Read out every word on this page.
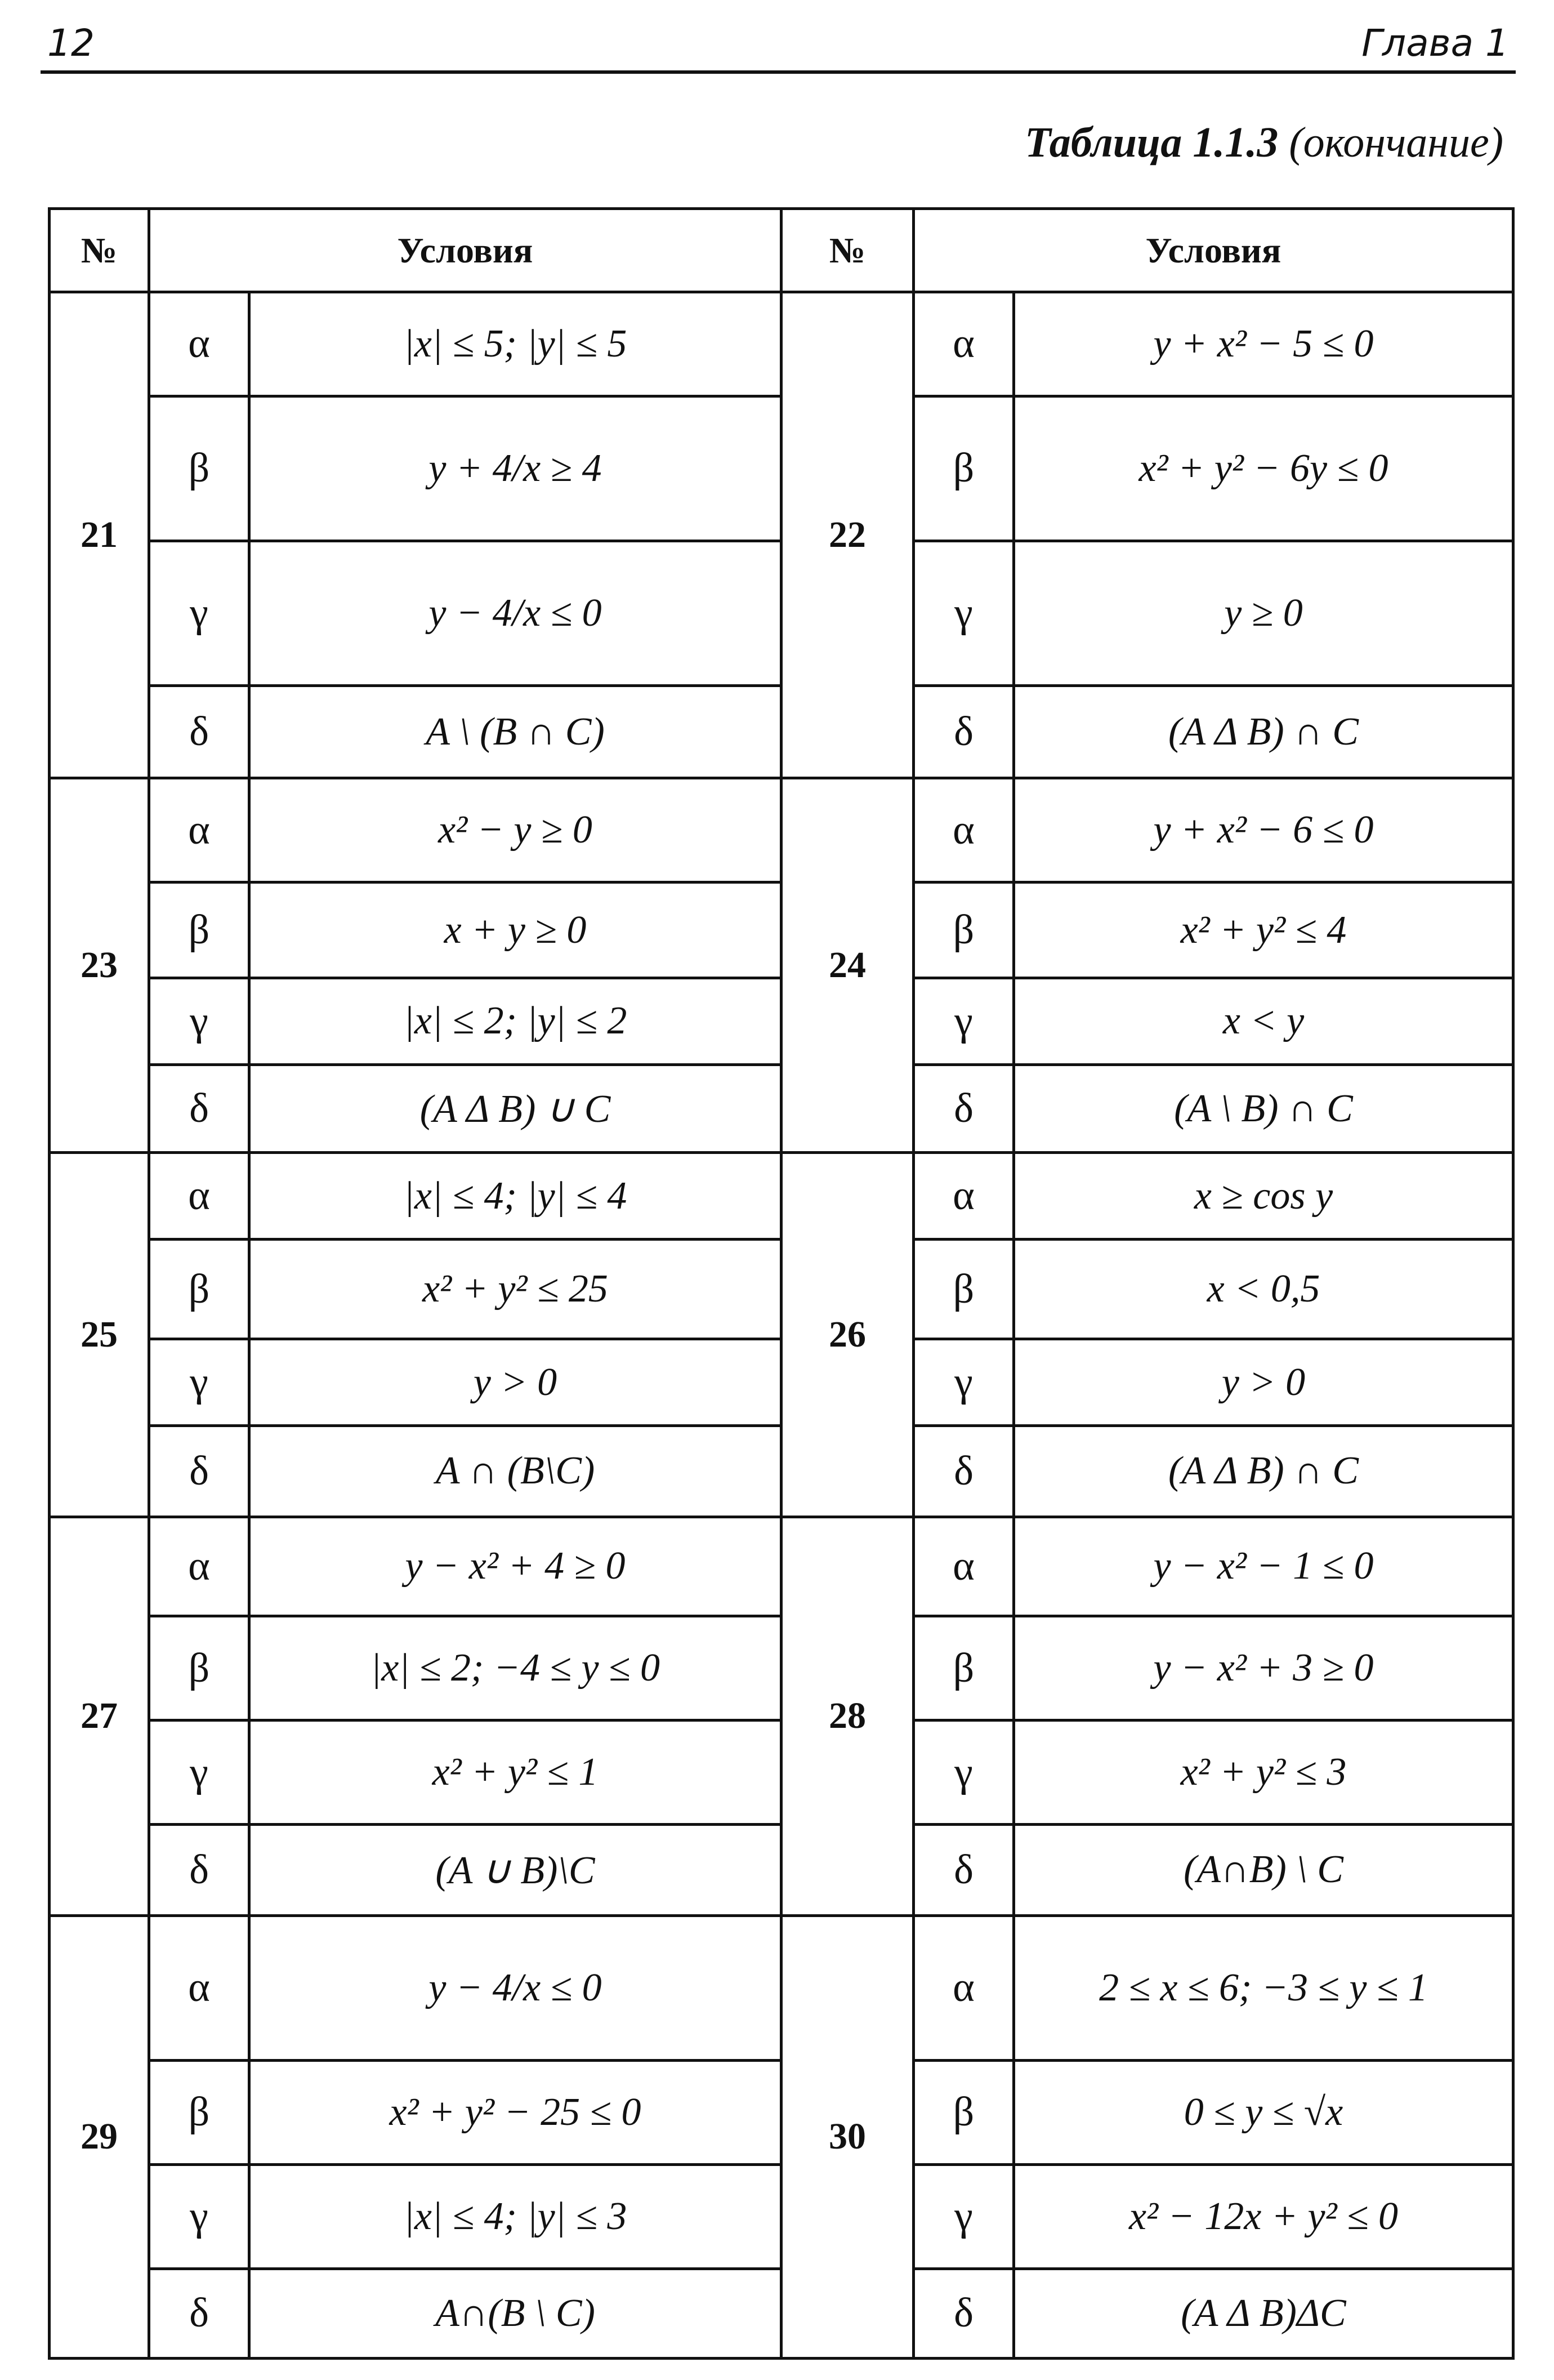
12	Глава 1
Таблица 1.1.3 (окончание)
№	Условия		№	Условия	
21	α	|x| ≤ 5; |y| ≤ 5	22	α	y + x² − 5 ≤ 0
	β	y + 4/x ≥ 4		β	x² + y² − 6y ≤ 0
	γ	y − 4/x ≤ 0		γ	y ≥ 0
	δ	A \ (B ∩ C)		δ	(A Δ B) ∩ C
23	α	x² − y ≥ 0	24	α	y + x² − 6 ≤ 0
	β	x + y ≥ 0		β	x² + y² ≤ 4
	γ	|x| ≤ 2; |y| ≤ 2		γ	x < y
	δ	(A Δ B) ∪ C		δ	(A \ B) ∩ C
25	α	|x| ≤ 4; |y| ≤ 4	26	α	x ≥ cos y
	β	x² + y² ≤ 25		β	x < 0,5
	γ	y > 0		γ	y > 0
	δ	A ∩ (B\C)		δ	(A Δ B) ∩ C
27	α	y − x² + 4 ≥ 0	28	α	y − x² − 1 ≤ 0
	β	|x| ≤ 2; −4 ≤ y ≤ 0		β	y − x² + 3 ≥ 0
	γ	x² + y² ≤ 1		γ	x² + y² ≤ 3
	δ	(A ∪ B)\C		δ	(A∩B) \ C
29	α	y − 4/x ≤ 0	30	α	2 ≤ x ≤ 6; −3 ≤ y ≤ 1
	β	x² + y² − 25 ≤ 0		β	0 ≤ y ≤ √x
	γ	|x| ≤ 4; |y| ≤ 3		γ	x² − 12x + y² ≤ 0
	δ	A∩(B \ C)		δ	(A Δ B)ΔC
